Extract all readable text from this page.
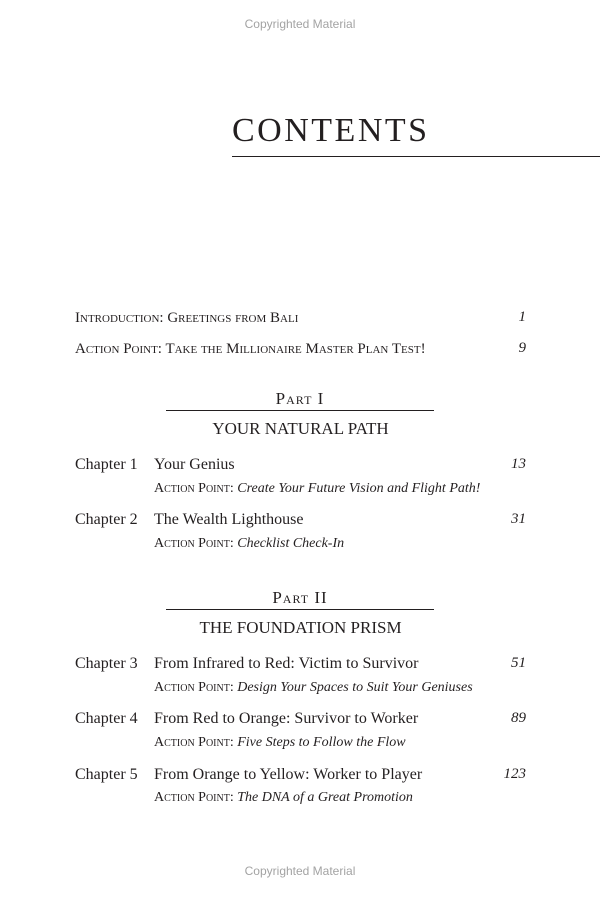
Copyrighted Material
CONTENTS
Introduction: Greetings from Bali	1
Action Point: Take the Millionaire Master Plan Test!	9
Part I
YOUR NATURAL PATH
Chapter 1 Your Genius	13
Action Point: Create Your Future Vision and Flight Path!
Chapter 2 The Wealth Lighthouse	31
Action Point: Checklist Check-In
Part II
THE FOUNDATION PRISM
Chapter 3 From Infrared to Red: Victim to Survivor	51
Action Point: Design Your Spaces to Suit Your Geniuses
Chapter 4 From Red to Orange: Survivor to Worker	89
Action Point: Five Steps to Follow the Flow
Chapter 5 From Orange to Yellow: Worker to Player	123
Action Point: The DNA of a Great Promotion
Copyrighted Material
